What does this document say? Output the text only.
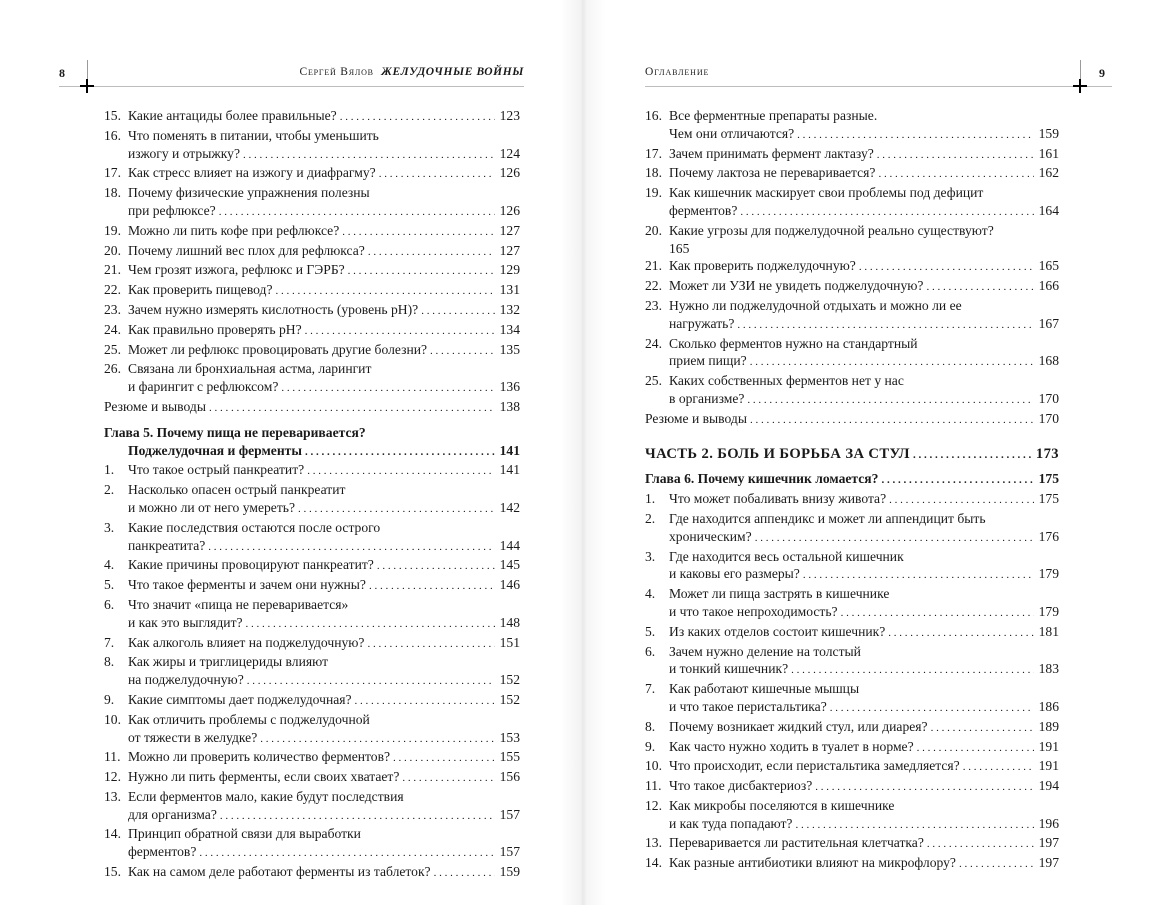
8	Сергей Вялов ЖЕЛУДОЧНЫЕ ВОЙНЫ
15. Какие антациды более правильные? . . .	123
16. Что поменять в питании, чтобы уменьшить
изжогу и отрыжку? . . .	124
17. Как стресс влияет на изжогу и диафрагму? . . .	126
18. Почему физические упражнения полезны
при рефлюксе? . . .	126
19. Можно ли пить кофе при рефлюксе? . . .	127
20. Почему лишний вес плох для рефлюкса? . . .	127
21. Чем грозят изжога, рефлюкс и ГЭРБ? . . .	129
22. Как проверить пищевод? . . .	131
23. Зачем нужно измерять кислотность (уровень pH)? . . .	132
24. Как правильно проверять pH? . . .	134
25. Может ли рефлюкс провоцировать другие болезни? . . .	135
26. Связана ли бронхиальная астма, ларингит
и фарингит с рефлюксом? . . .	136
Резюме и выводы . . .	138
Глава 5. Почему пища не переваривается?
Поджелудочная и ферменты . . .	141
1.	Что такое острый панкреатит? . . .	141
2.	Насколько опасен острый панкреатит
и можно ли от него умереть? . . .	142
3.	Какие последствия остаются после острого
панкреатита? . . .	144
4.	Какие причины провоцируют панкреатит? . . .	145
5.	Что такое ферменты и зачем они нужны? . . .	146
6.	Что значит «пища не переваривается»
и как это выглядит? . . .	148
7.	Как алкоголь влияет на поджелудочную? . . .	151
8.	Как жиры и триглицериды влияют
на поджелудочную? . . .	152
9.	Какие симптомы дает поджелудочная? . . .	152
10. Как отличить проблемы с поджелудочной
от тяжести в желудке? . . .	153
11. Можно ли проверить количество ферментов? . . .	155
12. Нужно ли пить ферменты, если своих хватает? . . .	156
13. Если ферментов мало, какие будут последствия
для организма? . . .	157
14. Принцип обратной связи для выработки
ферментов? . . .	157
15. Как на самом деле работают ферменты из таблеток? . . .	159
Оглавление	9
16. Все ферментные препараты разные.
Чем они отличаются? . . .	159
17. Зачем принимать фермент лактазу? . . .	161
18. Почему лактоза не переваривается? . . .	162
19. Как кишечник маскирует свои проблемы под дефицит
ферментов? . . .	164
20. Какие угрозы для поджелудочной реально существуют?
165
21. Как проверить поджелудочную? . . .	165
22. Может ли УЗИ не увидеть поджелудочную? . . .	166
23. Нужно ли поджелудочной отдыхать и можно ли ее
нагружать? . . .	167
24. Сколько ферментов нужно на стандартный
прием пищи? . . .	168
25. Каких собственных ферментов нет у нас
в организме? . . .	170
Резюме и выводы . . .	170
ЧАСТЬ 2. БОЛЬ И БОРЬБА ЗА СТУЛ . . .	173
Глава 6. Почему кишечник ломается? . . .	175
1.	Что может побаливать внизу живота? . . .	175
2.	Где находится аппендикс и может ли аппендицит быть
хроническим? . . .	176
3.	Где находится весь остальной кишечник
и каковы его размеры? . . .	179
4.	Может ли пища застрять в кишечнике
и что такое непроходимость? . . .	179
5.	Из каких отделов состоит кишечник? . . .	181
6.	Зачем нужно деление на толстый
и тонкий кишечник? . . .	183
7.	Как работают кишечные мышцы
и что такое перистальтика? . . .	186
8.	Почему возникает жидкий стул, или диарея? . . .	189
9.	Как часто нужно ходить в туалет в норме? . . .	191
10. Что происходит, если перистальтика замедляется? . . .	191
11. Что такое дисбактериоз? . . .	194
12. Как микробы поселяются в кишечнике
и как туда попадают? . . .	196
13. Переваривается ли растительная клетчатка? . . .	197
14. Как разные антибиотики влияют на микрофлору? . . .	197
